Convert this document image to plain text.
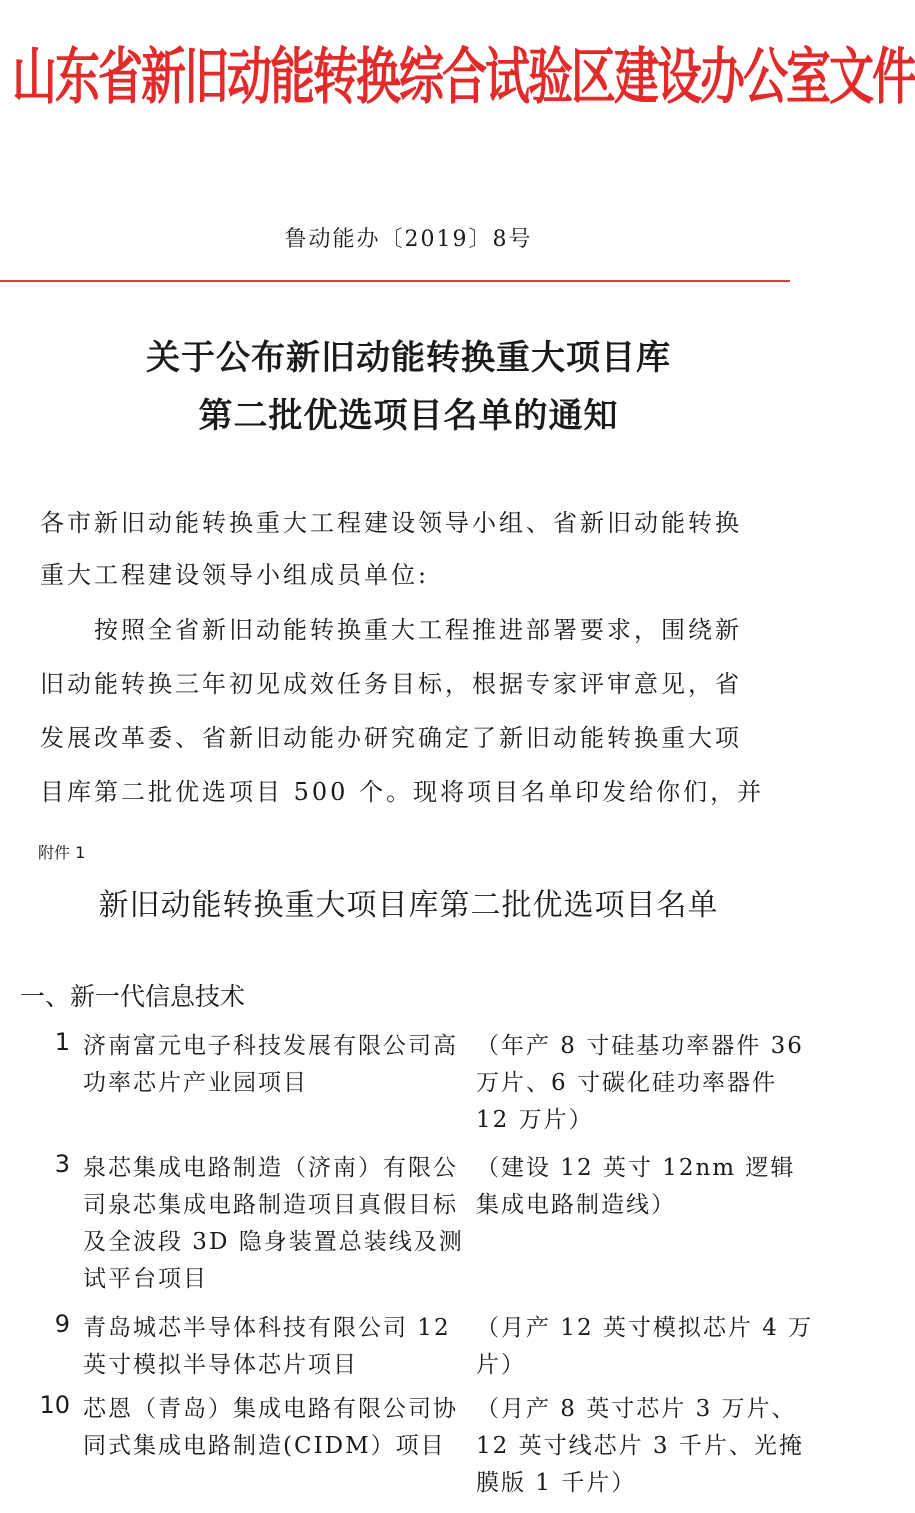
山东省新旧动能转换综合试验区建设办公室文件
鲁动能办〔2019〕8号
关于公布新旧动能转换重大项目库
第二批优选项目名单的通知
各市新旧动能转换重大工程建设领导小组、省新旧动能转换
重大工程建设领导小组成员单位:
　　按照全省新旧动能转换重大工程推进部署要求，围绕新
旧动能转换三年初见成效任务目标，根据专家评审意见，省
发展改革委、省新旧动能办研究确定了新旧动能转换重大项
目库第二批优选项目 500 个。现将项目名单印发给你们，并
附件 1
新旧动能转换重大项目库第二批优选项目名单
一、新一代信息技术
1 济南富元电子科技发展有限公司高功率芯片产业园项目
（年产 8 寸硅基功率器件 36 万片、6 寸碳化硅功率器件 12 万片）
3 泉芯集成电路制造（济南）有限公司泉芯集成电路制造项目真假目标及全波段 3D 隐身装置总装线及测试平台项目
（建设 12 英寸 12nm 逻辑集成电路制造线）
9 青岛城芯半导体科技有限公司 12 英寸模拟半导体芯片项目
（月产 12 英寸模拟芯片 4 万片）
10 芯恩（青岛）集成电路有限公司协同式集成电路制造(CIDM）项目
（月产 8 英寸芯片 3 万片、12 英寸线芯片 3 千片、光掩膜版 1 千片）
